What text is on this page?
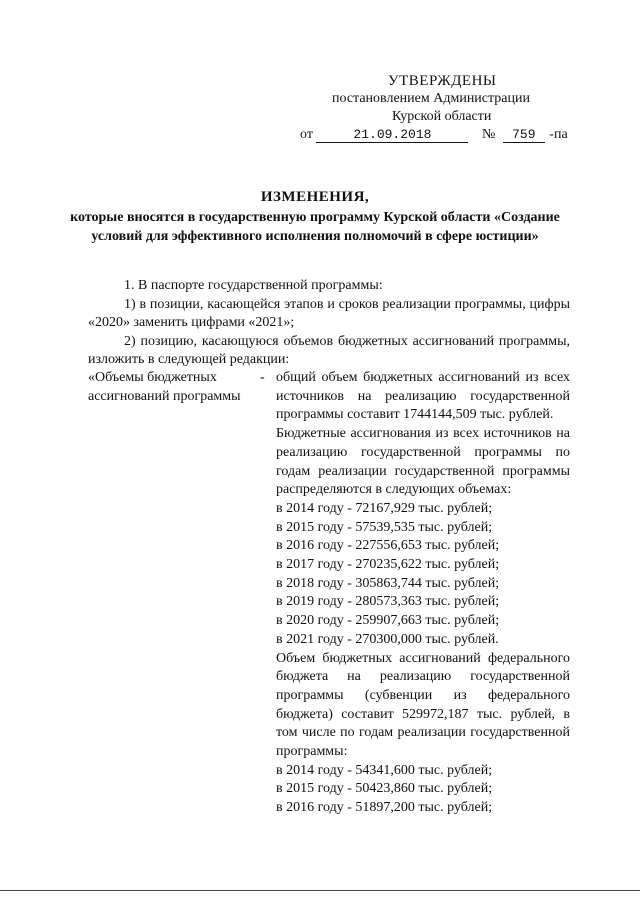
УТВЕРЖДЕНЫ
постановлением Администрации
Курской области
от	21.09.2018	№ 759 -па
ИЗМЕНЕНИЯ,
которые вносятся в государственную программу Курской области «Создание условий для эффективного исполнения полномочий в сфере юстиции»

1. В паспорте государственной программы:

1) в позиции, касающейся этапов и сроков реализации программы, цифры «2020» заменить цифрами «2021»;

2) позицию, касающуюся объемов бюджетных ассигнований программы, изложить в следующей редакции:

«Объемы бюджетных ассигнований программы
- общий объем бюджетных ассигнований из всех источников на реализацию государственной программы составит 1744144,509 тыс. рублей.
Бюджетные ассигнования из всех источников на реализацию государственной программы по годам реализации государственной программы распределяются в следующих объемах:
в 2014 году - 72167,929 тыс. рублей;
в 2015 году - 57539,535 тыс. рублей;
в 2016 году - 227556,653 тыс. рублей;
в 2017 году - 270235,622 тыс. рублей;
в 2018 году - 305863,744 тыс. рублей;
в 2019 году - 280573,363 тыс. рублей;
в 2020 году - 259907,663 тыс. рублей;
в 2021 году - 270300,000 тыс. рублей.
Объем бюджетных ассигнований федерального бюджета на реализацию государственной программы (субвенции из федерального бюджета) составит 529972,187 тыс. рублей, в том числе по годам реализации государственной программы:
в 2014 году - 54341,600 тыс. рублей;
в 2015 году - 50423,860 тыс. рублей;
в 2016 году - 51897,200 тыс. рублей;
